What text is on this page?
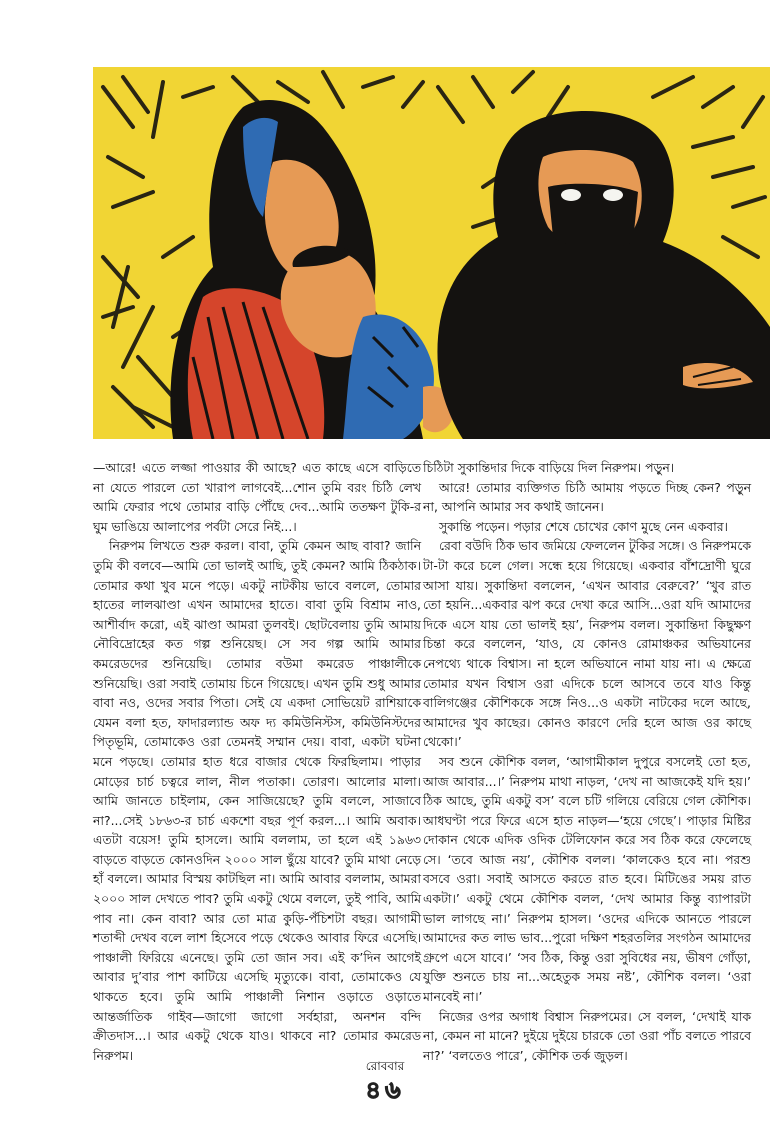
—আরে! এতে লজ্জা পাওয়ার কী আছে? এত কাছে এসে বাড়িতে না যেতে পারলে তো খারাপ লাগবেই...শোন তুমি বরং চিঠি লেখ আমি ফেরার পথে তোমার বাড়ি পৌঁছে দেব...আমি ততক্ষণ টুকি-র ঘুম ভাঙিয়ে আলাপের পর্বটা সেরে নিই...।

নিরুপম লিখতে শুরু করল। বাবা, তুমি কেমন আছ বাবা? জানি তুমি কী বলবে—আমি তো ভালই আছি, তুই কেমন? আমি ঠিকঠাক। তোমার কথা খুব মনে পড়ে। একটু নাটকীয় ভাবে বললে, তোমার হাতের লালঝাণ্ডা এখন আমাদের হাতে। বাবা তুমি বিশ্রাম নাও, আশীর্বাদ করো, এই ঝাণ্ডা আমরা তুলবই। ছোটবেলায় তুমি আমায় নৌবিদ্রোহের কত গল্প শুনিয়েছ। সে সব গল্প আমি আমার কমরেডদের শুনিয়েছি। তোমার বউমা কমরেড পাঞ্চালীকে শুনিয়েছি। ওরা সবাই তোমায় চিনে গিয়েছে। এখন তুমি শুধু আমার বাবা নও, ওদের সবার পিতা। সেই যে একদা সোভিয়েট রাশিয়াকে যেমন বলা হত, ফাদারল্যান্ড অফ দ্য কমিউনিস্টস, কমিউনিস্টদের পিতৃভূমি, তোমাকেও ওরা তেমনই সম্মান দেয়। বাবা, একটা ঘটনা মনে পড়ছে। তোমার হাত ধরে বাজার থেকে ফিরছিলাম। পাড়ার মোড়ের চার্চ চত্বরে লাল, নীল পতাকা। তোরণ। আলোর মালা। আমি জানতে চাইলাম, কেন সাজিয়েছে? তুমি বললে, সাজাবে না?...সেই ১৮৬৩-র চার্চ একশো বছর পূর্ণ করল...। আমি অবাক। এতটা বয়েস! তুমি হাসলে। আমি বললাম, তা হলে এই ১৯৬৩ বাড়তে বাড়তে কোনওদিন ২০০০ সাল ছুঁয়ে যাবে? তুমি মাথা নেড়ে হাঁ বললে। আমার বিস্ময় কাটছিল না। আমি আবার বললাম, আমরা ২০০০ সাল দেখতে পাব? তুমি একটু থেমে বললে, তুই পাবি, আমি পাব না। কেন বাবা? আর তো মাত্র কুড়ি-পঁচিশটা বছর। আগামী শতাব্দী দেখব বলে লাশ হিসেবে পড়ে থেকেও আবার ফিরে এসেছি। পাঞ্চালী ফিরিয়ে এনেছে। তুমি তো জান সব। এই ক’দিন আগেই আবার দু’বার পাশ কাটিয়ে এসেছি মৃত্যুকে। বাবা, তোমাকেও যে থাকতে হবে। তুমি আমি পাঞ্চালী নিশান ওড়াতে ওড়াতে আন্তর্জাতিক গাইব—জাগো জাগো সর্বহারা, অনশন বন্দি ক্রীতদাস...। আর একটু থেকে যাও। থাকবে না? তোমার কমরেড নিরুপম।

চিঠিটা সুকান্তিদার দিকে বাড়িয়ে দিল নিরুপম। পড়ুন।

আরে! তোমার ব্যক্তিগত চিঠি আমায় পড়তে দিচ্ছ কেন? পড়ুন না, আপনি আমার সব কথাই জানেন।

সুকান্তি পড়েন। পড়ার শেষে চোখের কোণ মুছে নেন একবার।

রেবা বউদি ঠিক ভাব জমিয়ে ফেললেন টুকির সঙ্গে। ও নিরুপমকে টা-টা করে চলে গেল। সন্ধে হয়ে গিয়েছে। একবার বাঁশদ্রোণী ঘুরে আসা যায়। সুকান্তিদা বললেন, ‘এখন আবার বেরুবে?’ ‘খুব রাত তো হয়নি...একবার ঝপ করে দেখা করে আসি...ওরা যদি আমাদের দিকে এসে যায় তো ভালই হয়’, নিরুপম বলল। সুকান্তিদা কিছুক্ষণ চিন্তা করে বললেন, ‘যাও, যে কোনও রোমাঞ্চকর অভিযানের নেপথ্যে থাকে বিশ্বাস। না হলে অভিযানে নামা যায় না। এ ক্ষেত্রে তোমার যখন বিশ্বাস ওরা এদিকে চলে আসবে তবে যাও কিন্তু বালিগঞ্জের কৌশিককে সঙ্গে নিও...ও একটা নাটকের দলে আছে, আমাদের খুব কাছের। কোনও কারণে দেরি হলে আজ ওর কাছে থেকো।’

সব শুনে কৌশিক বলল, ‘আগামীকাল দুপুরে বসলেই তো হত, আজ আবার...।’ নিরুপম মাথা নাড়ল, ‘দেখ না আজকেই যদি হয়।’ ঠিক আছে, তুমি একটু বস’ বলে চটি গলিয়ে বেরিয়ে গেল কৌশিক। আধঘণ্টা পরে ফিরে এসে হাত নাড়ল—‘হয়ে গেছে’। পাড়ার মিষ্টির দোকান থেকে এদিক ওদিক টেলিফোন করে সব ঠিক করে ফেলেছে সে। ‘তবে আজ নয়’, কৌশিক বলল। ‘কালকেও হবে না। পরশু বসবে ওরা। সবাই আসতে করতে রাত হবে। মিটিঙের সময় রাত একটা।’ একটু থেমে কৌশিক বলল, ‘দেখ আমার কিন্তু ব্যাপারটা ভাল লাগছে না।’ নিরুপম হাসল। ‘ওদের এদিকে আনতে পারলে আমাদের কত লাভ ভাব...পুরো দক্ষিণ শহরতলির সংগঠন আমাদের গ্রুপে এসে যাবে।’ ‘সব ঠিক, কিন্তু ওরা সুবিধের নয়, ভীষণ গোঁড়া, যুক্তি শুনতে চায় না...অহেতুক সময় নষ্ট’, কৌশিক বলল। ‘ওরা মানবেই না।’

নিজের ওপর অগাধ বিশ্বাস নিরুপমের। সে বলল, ‘দেখাই যাক না, কেমন না মানে? দুইয়ে দুইয়ে চারকে তো ওরা পাঁচ বলতে পারবে না?’ ‘বলতেও পারে’, কৌশিক তর্ক জুড়ল।

রোববার
৪৬
